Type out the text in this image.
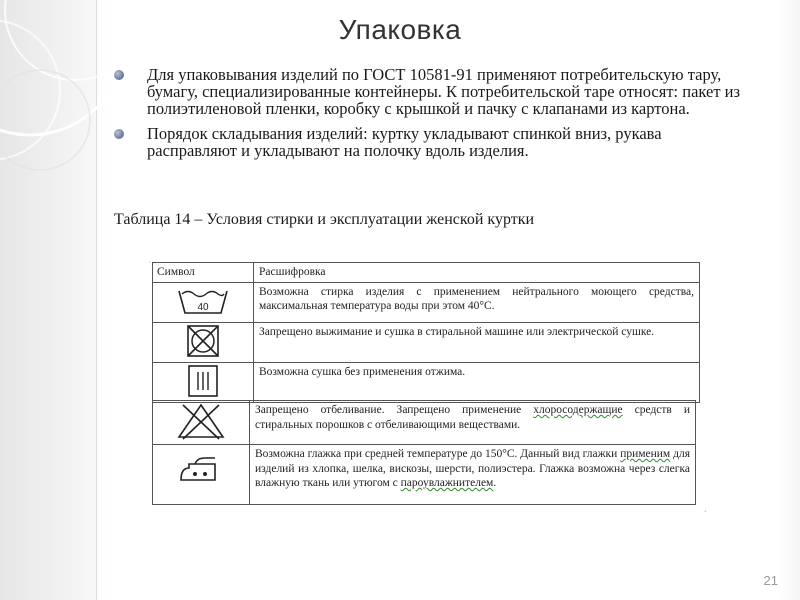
Упаковка
Для упаковывания изделий по ГОСТ 10581-91 применяют потребительскую тару, бумагу, специализированные контейнеры. К потребительской таре относят: пакет из полиэтиленовой пленки, коробку с крышкой и пачку с клапанами из картона.
Порядок складывания изделий: куртку укладывают спинкой вниз, рукава расправляют и укладывают на полочку вдоль изделия.
Таблица 14 – Условия стирки и эксплуатации женской куртки
ˌ
Символ	Расшифровка

40	Возможна стирка изделия с применением нейтрального моющего средства, максимальная температура воды при этом 40°С.
	Запрещено выжимание и сушка в стиральной машине или электрической сушке.
	Возможна сушка без применения отжима.
	Запрещено отбеливание. Запрещено применение хлоросодержащие средств и стиральных порошков с отбеливающими веществами.
	Возможна глажка при средней температуре до 150°С. Данный вид глажки применим для изделий из хлопка, шелка, вискозы, шерсти, полиэстера. Глажка возможна через слегка влажную ткань или утюгом с пароувлажнителем.
ˎ
21
